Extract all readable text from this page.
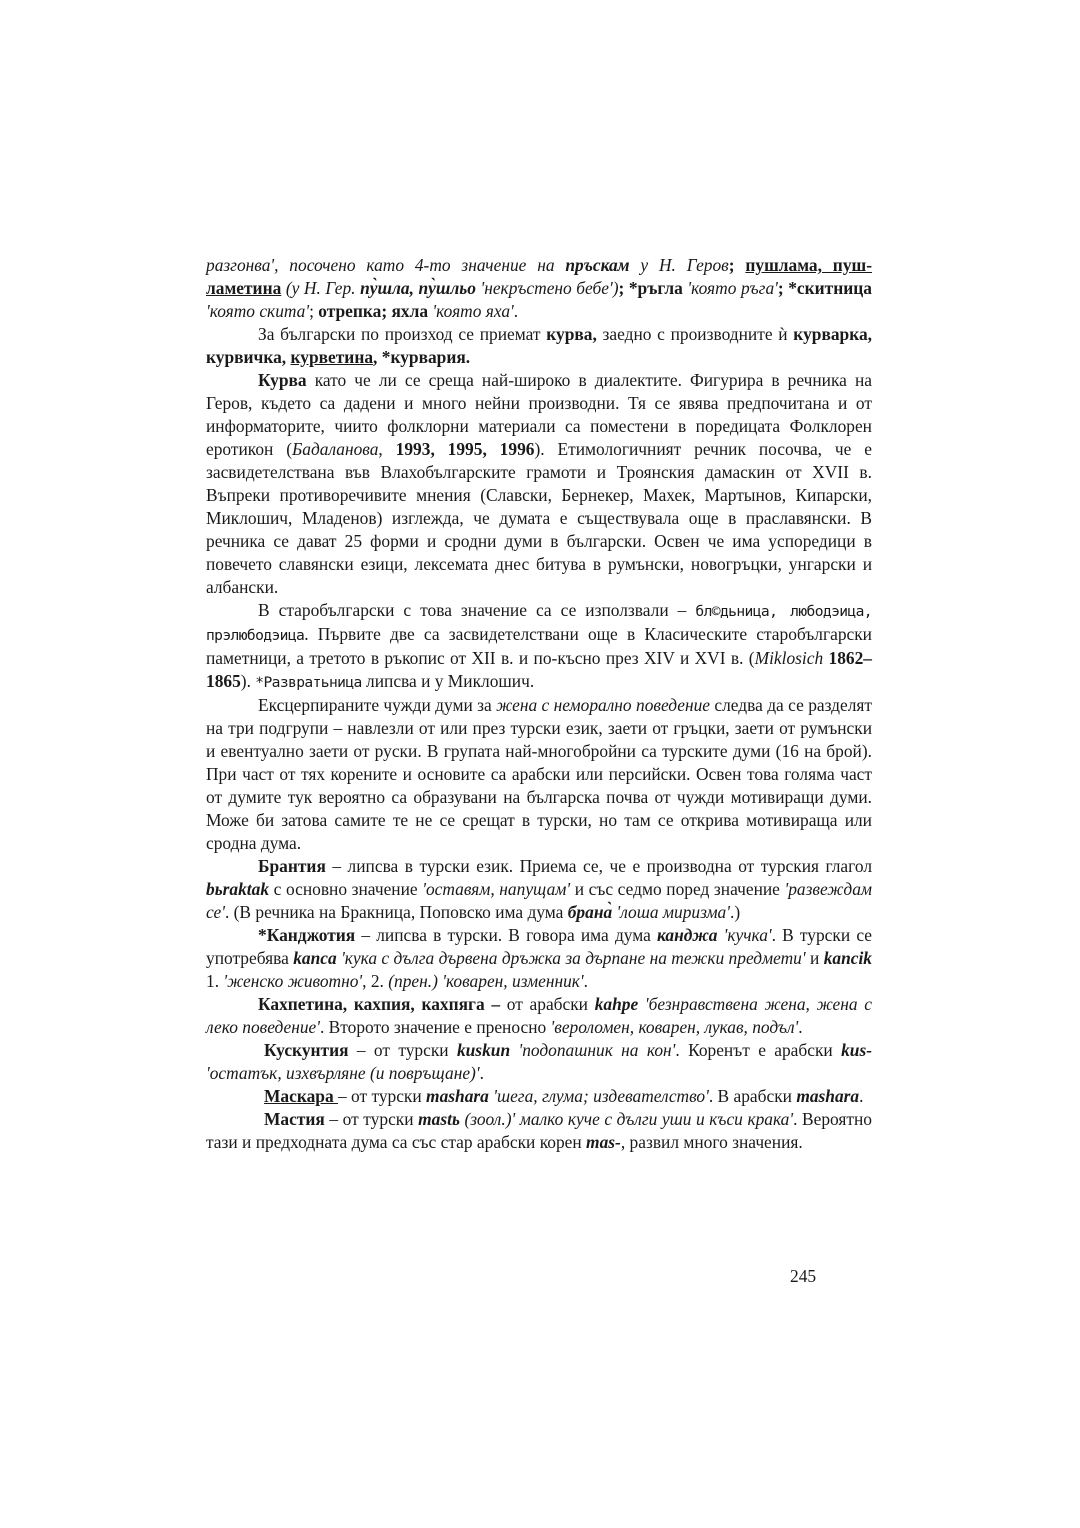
разгонва', посочено като 4-то значение на пръскам у Н. Геров; пушлама, пуш-ламетина (у Н. Гер. пу̀шла, пу̀шльо 'некръстено бебе'); *ръгла 'която ръга'; *скитница 'която скита'; отрепка; яхла 'която яха'.

За български по произход се приемат курва, заедно с производните ѝ курварка, курвичка, курветина, *курвария.

Курва като че ли се среща най-широко в диалектите. Фигурира в речника на Геров, където са дадени и много нейни производни. Тя се явява предпочитана и от информаторите, чиито фолклорни материали са поместени в поредицата Фолклорен еротикон (Бадаланова, 1993, 1995, 1996). Етимологичният речник посочва, че е засвидетелствана във Влахобългарските грамоти и Троянския дамаскин от XVII в. Въпреки противоречивите мнения (Славски, Бернекер, Махек, Мартынов, Кипарски, Миклошич, Младенов) изглежда, че думата е съществувала още в праславянски. В речника се дават 25 форми и сродни думи в български. Освен че има успоредици в повечето славянски езици, лексемата днес битува в румънски, новогръцки, унгарски и албански.

В старобългарски с това значение са се използвали – бл©дьница, любодэица, прэлюбодэица. Първите две са засвидетелствани още в Класическите старобългарски паметници, а третото в ръкопис от XII в. и по-късно през XIV и XVI в. (Miklosich 1862–1865). *Развратьница липсва и у Миклошич.

Ексцерпираните чужди думи за жена с неморално поведение следва да се разделят на три подгрупи – навлезли от или през турски език, заети от гръцки, заети от румънски и евентуално заети от руски. В групата най-многобройни са турските думи (16 на брой). При част от тях корените и основите са арабски или персийски. Освен това голяма част от думите тук вероятно са образувани на българска почва от чужди мотивиращи думи. Може би затова самите те не се срещат в турски, но там се открива мотивираща или сродна дума.

Брантия – липсва в турски език. Приема се, че е производна от турския глагол bьraktak с основно значение 'оставям, напущам' и със седмо поред значение 'развеждам се'. (В речника на Бракница, Поповско има дума брана̀ 'лоша миризма'.)

*Канджотия – липсва в турски. В говора има дума канджа 'кучка'. В турски се употребява kanca 'кука с дълга дървена дръжка за дърпане на тежки предмети' и kancik 1. 'женско животно', 2. (прен.) 'коварен, изменник'.

Кахпетина, кахпия, кахпяга – от арабски kahpe 'безнравствена жена, жена с леко поведение'. Второто значение е преносно 'вероломен, коварен, лукав, подъл'.

Кускунтия – от турски kuskun 'подопашник на кон'. Коренът е арабски kus- 'остатък, изхвърляне (и повръщане)'.

Маскара – от турски mashara 'шега, глума; издевателство'. В арабски mashara.

Мастия – от турски mastь (зоол.)' малко куче с дълги уши и къси крака'. Вероятно тази и предходната дума са със стар арабски корен mas-, развил много значения.

245
